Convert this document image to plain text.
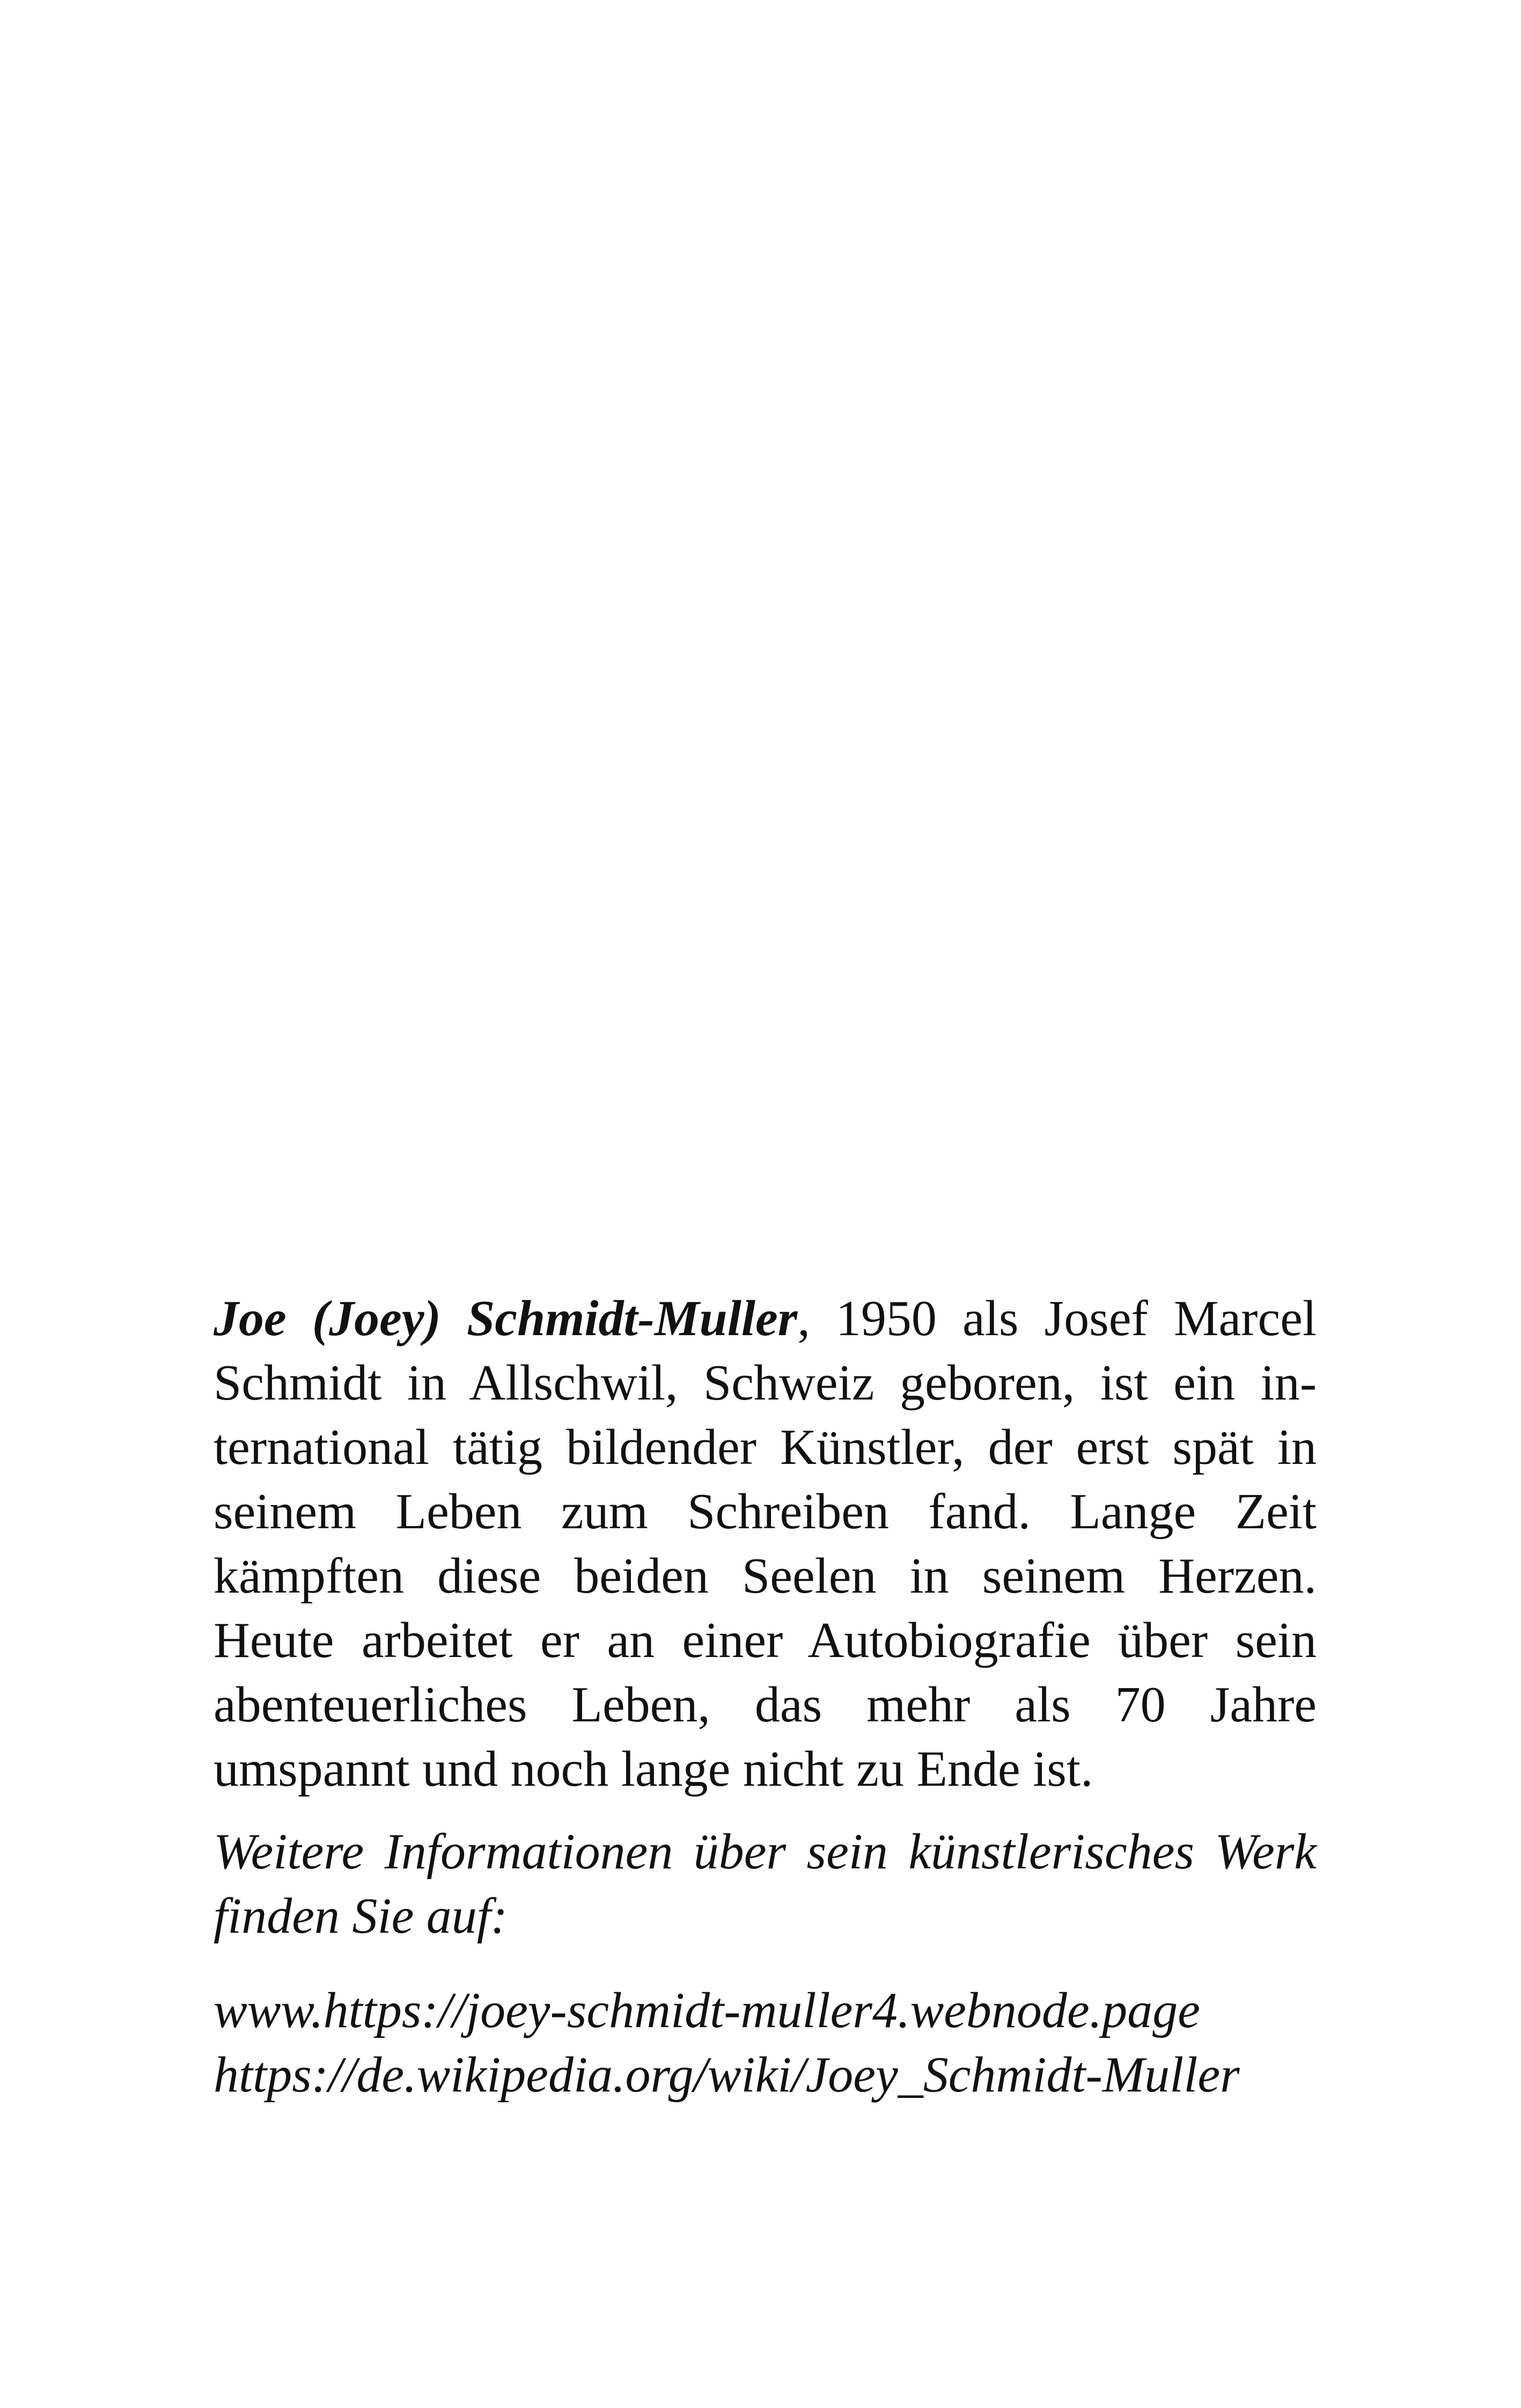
Joe (Joey) Schmidt-Muller, 1950 als Josef Marcel Schmidt in Allschwil, Schweiz geboren, ist ein international tätig bildender Künstler, der erst spät in seinem Leben zum Schreiben fand. Lange Zeit kämpften diese beiden Seelen in seinem Herzen. Heute arbeitet er an einer Autobiografie über sein abenteuerliches Leben, das mehr als 70 Jahre umspannt und noch lange nicht zu Ende ist.

Weitere Informationen über sein künstlerisches Werk finden Sie auf:

www.https://joey-schmidt-muller4.webnode.page
https://de.wikipedia.org/wiki/Joey_Schmidt-Muller
